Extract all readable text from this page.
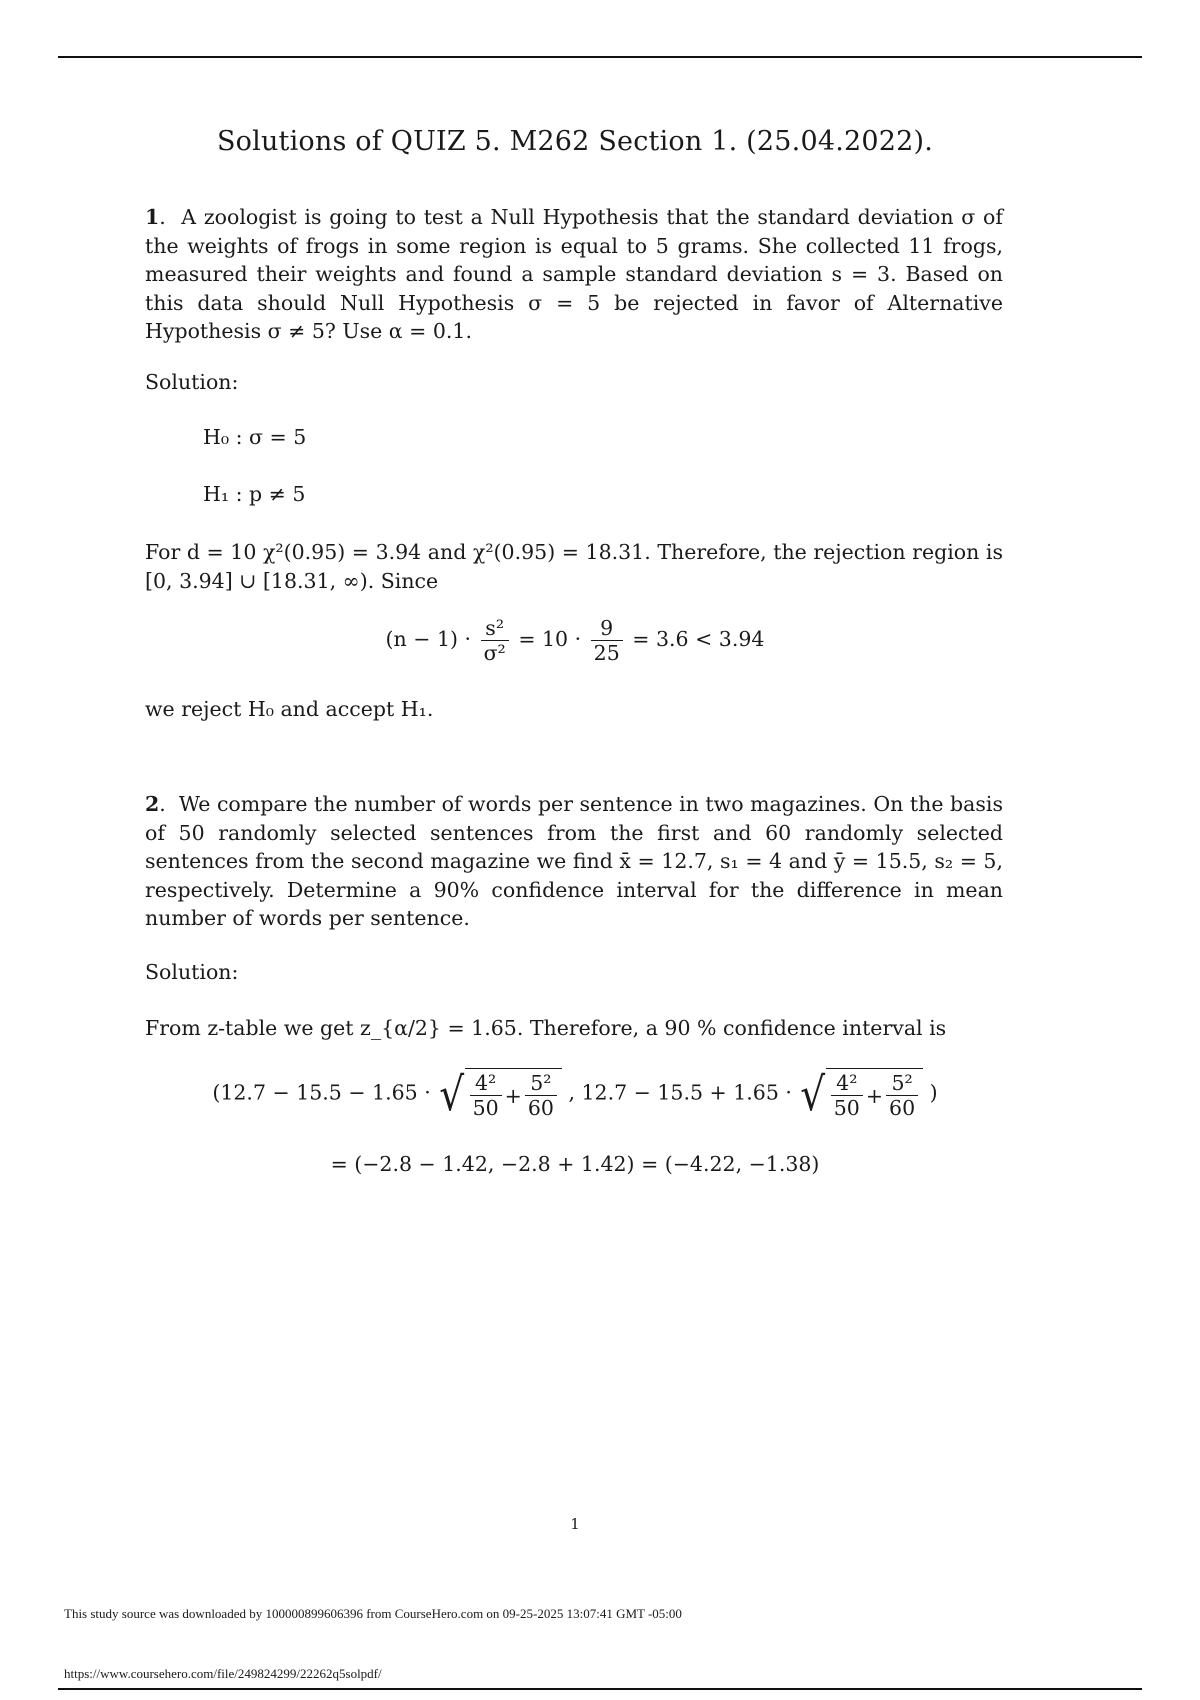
Solutions of QUIZ 5. M262 Section 1. (25.04.2022).

1.  A zoologist is going to test a Null Hypothesis that the standard deviation σ of the weights of frogs in some region is equal to 5 grams. She collected 11 frogs, measured their weights and found a sample standard deviation s = 3. Based on this data should Null Hypothesis σ = 5 be rejected in favor of Alternative Hypothesis σ ≠ 5? Use α = 0.1.

Solution:
H₀ : σ = 5
H₁ : p ≠ 5

For d = 10 χ²(0.95) = 3.94 and χ²(0.95) = 18.31. Therefore, the rejection region is [0, 3.94] ∪ [18.31, ∞). Since

$(n - 1) \cdot \frac{\text{s²}}{\text{σ²}} = 10 \cdot \frac{9}{25} = 3.6 < 3.94$
we reject H₀ and accept H₁.

2.  We compare the number of words per sentence in two magazines. On the basis of 50 randomly selected sentences from the first and 60 randomly selected sentences from the second magazine we find x̄ = 12.7, s₁ = 4 and ȳ = 15.5, s₂ = 5, respectively. Determine a 90% confidence interval for the difference in mean number of words per sentence.

Solution:
From z-table we get z_{α/2} = 1.65. Therefore, a 90 % confidence interval is
(12.7 − 15.5 − 1.65 · √ $\frac{\text{4²}}{50} + \frac{\text{5²}}{60}$ , 12.7 − 15.5 + 1.65 · √ $\frac{\text{4²}}{50} + \frac{\text{5²}}{60}$ )
= (−2.8 − 1.42, −2.8 + 1.42) = (−4.22, −1.38)
1
This study source was downloaded by 100000899606396 from CourseHero.com on 09-25-2025 13:07:41 GMT -05:00
https://www.coursehero.com/file/249824299/22262q5solpdf/
